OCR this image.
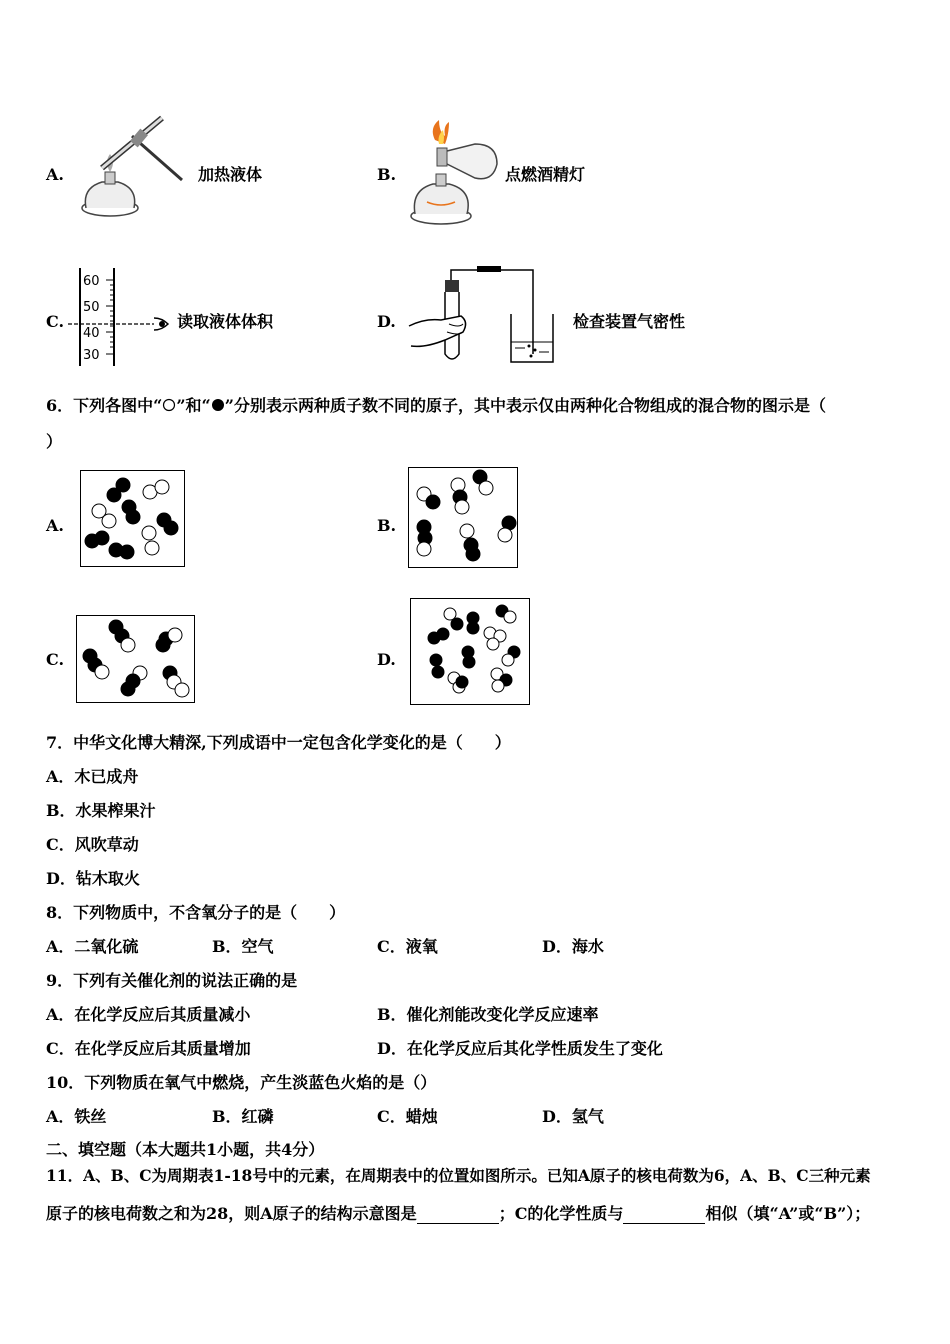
A.	加热液体	B.	点燃酒精灯
C.
60
50
40
30
读取液体体积	D.	检查装置气密性
6．下列各图中“ ”和“ ”分别表示两种质子数不同的原子，其中表示仅由两种化合物组成的混合物的图示是（
）
A.	B.
C.	D.
7．中华文化博大精深,下列成语中一定包含化学变化的是（　　）
A．木已成舟
B．水果榨果汁
C．风吹草动
D．钻木取火
8．下列物质中，不含氧分子的是（　　）
A．二氧化硫	B．空气	C．液氧	D．海水
9．下列有关催化剂的说法正确的是
A．在化学反应后其质量减小	B．催化剂能改变化学反应速率
C．在化学反应后其质量增加	D．在化学反应后其化学性质发生了变化
10．下列物质在氧气中燃烧，产生淡蓝色火焰的是（）
A．铁丝	B．红磷	C．蜡烛	D．氢气
二、填空题（本大题共1小题，共4分）
11．A、B、C为周期表1-18号中的元素，在周期表中的位置如图所示。已知A原子的核电荷数为6，A、B、C三种元素
原子的核电荷数之和为28，则A原子的结构示意图是	；C的化学性质与	相似（填“A”或“B”）；
